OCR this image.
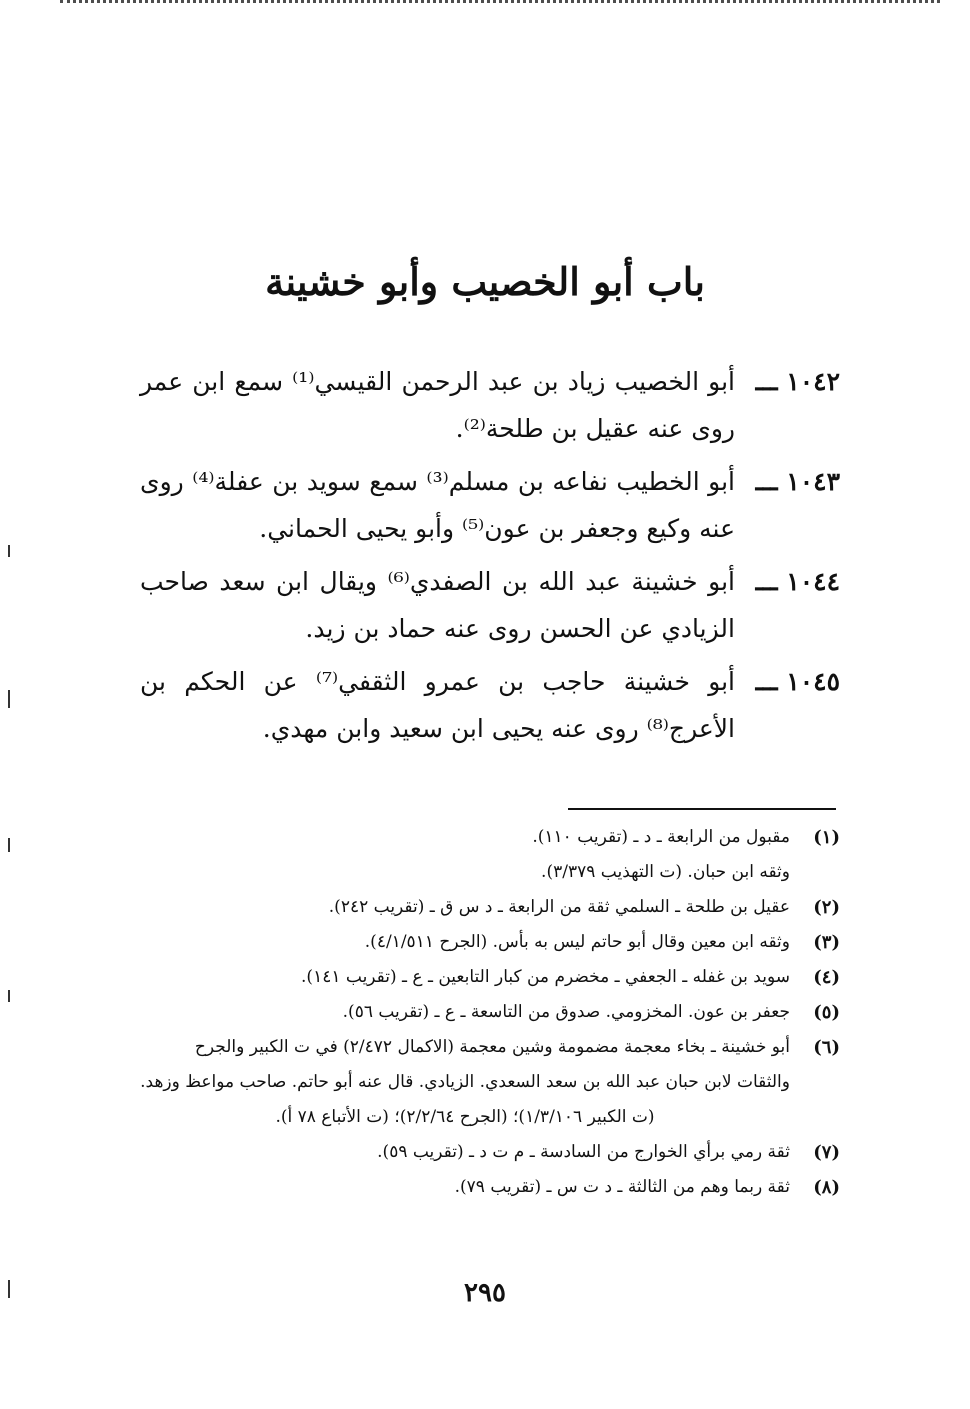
باب أبو الخصيب وأبو خشينة
١٠٤٢ ـــ
أبو الخصيب زياد بن عبد الرحمن القيسي⁽¹⁾ سمع ابن عمر روى عنه عقيل بن طلحة⁽²⁾.
١٠٤٣ ـــ
أبو الخطيب نفاعه بن مسلم⁽³⁾ سمع سويد بن عفلة⁽⁴⁾ روى عنه وكيع وجعفر بن عون⁽⁵⁾ وأبو يحيى الحماني.
١٠٤٤ ـــ
أبو خشينة عبد الله بن الصفدي⁽⁶⁾ ويقال ابن سعد صاحب الزيادي عن الحسن روى عنه حماد بن زيد.
١٠٤٥ ـــ
أبو خشينة حاجب بن عمرو الثقفي⁽⁷⁾ عن الحكم بن الأعرج⁽⁸⁾ روى عنه يحيى ابن سعيد وابن مهدي.
(١)
مقبول من الرابعة ـ د ـ (تقريب ١١٠).
وثقه ابن حبان. (ت التهذيب ٣/٣٧٩).
(٢)
عقيل بن طلحة ـ السلمي ثقة من الرابعة ـ د س ق ـ (تقريب ٢٤٢).
(٣)
وثقه ابن معين وقال أبو حاتم ليس به بأس. (الجرح ٤/١/٥١١).
(٤)
سويد بن غفله ـ الجعفي ـ مخضرم من كبار التابعين ـ ع ـ (تقريب ١٤١).
(٥)
جعفر بن عون. المخزومي. صدوق من التاسعة ـ ع ـ (تقريب ٥٦).
(٦)
أبو خشينة ـ بخاء معجمة مضمومة وشين معجمة (الاكمال ٢/٤٧٢) في ت الكبير والجرح والثقات لابن حبان عبد الله بن سعد السعدي. الزيادي. قال عنه أبو حاتم. صاحب مواعظ وزهد.
(ت الكبير ١/٣/١٠٦)؛ (الجرح ٢/٢/٦٤)؛ (ت الأتباع ٧٨ أ).
(٧)
ثقة رمي برأي الخوارج من السادسة ـ م ت د ـ (تقريب ٥٩).
(٨)
ثقة ربما وهم من الثالثة ـ د ت س ـ (تقريب ٧٩).
٢٩٥
